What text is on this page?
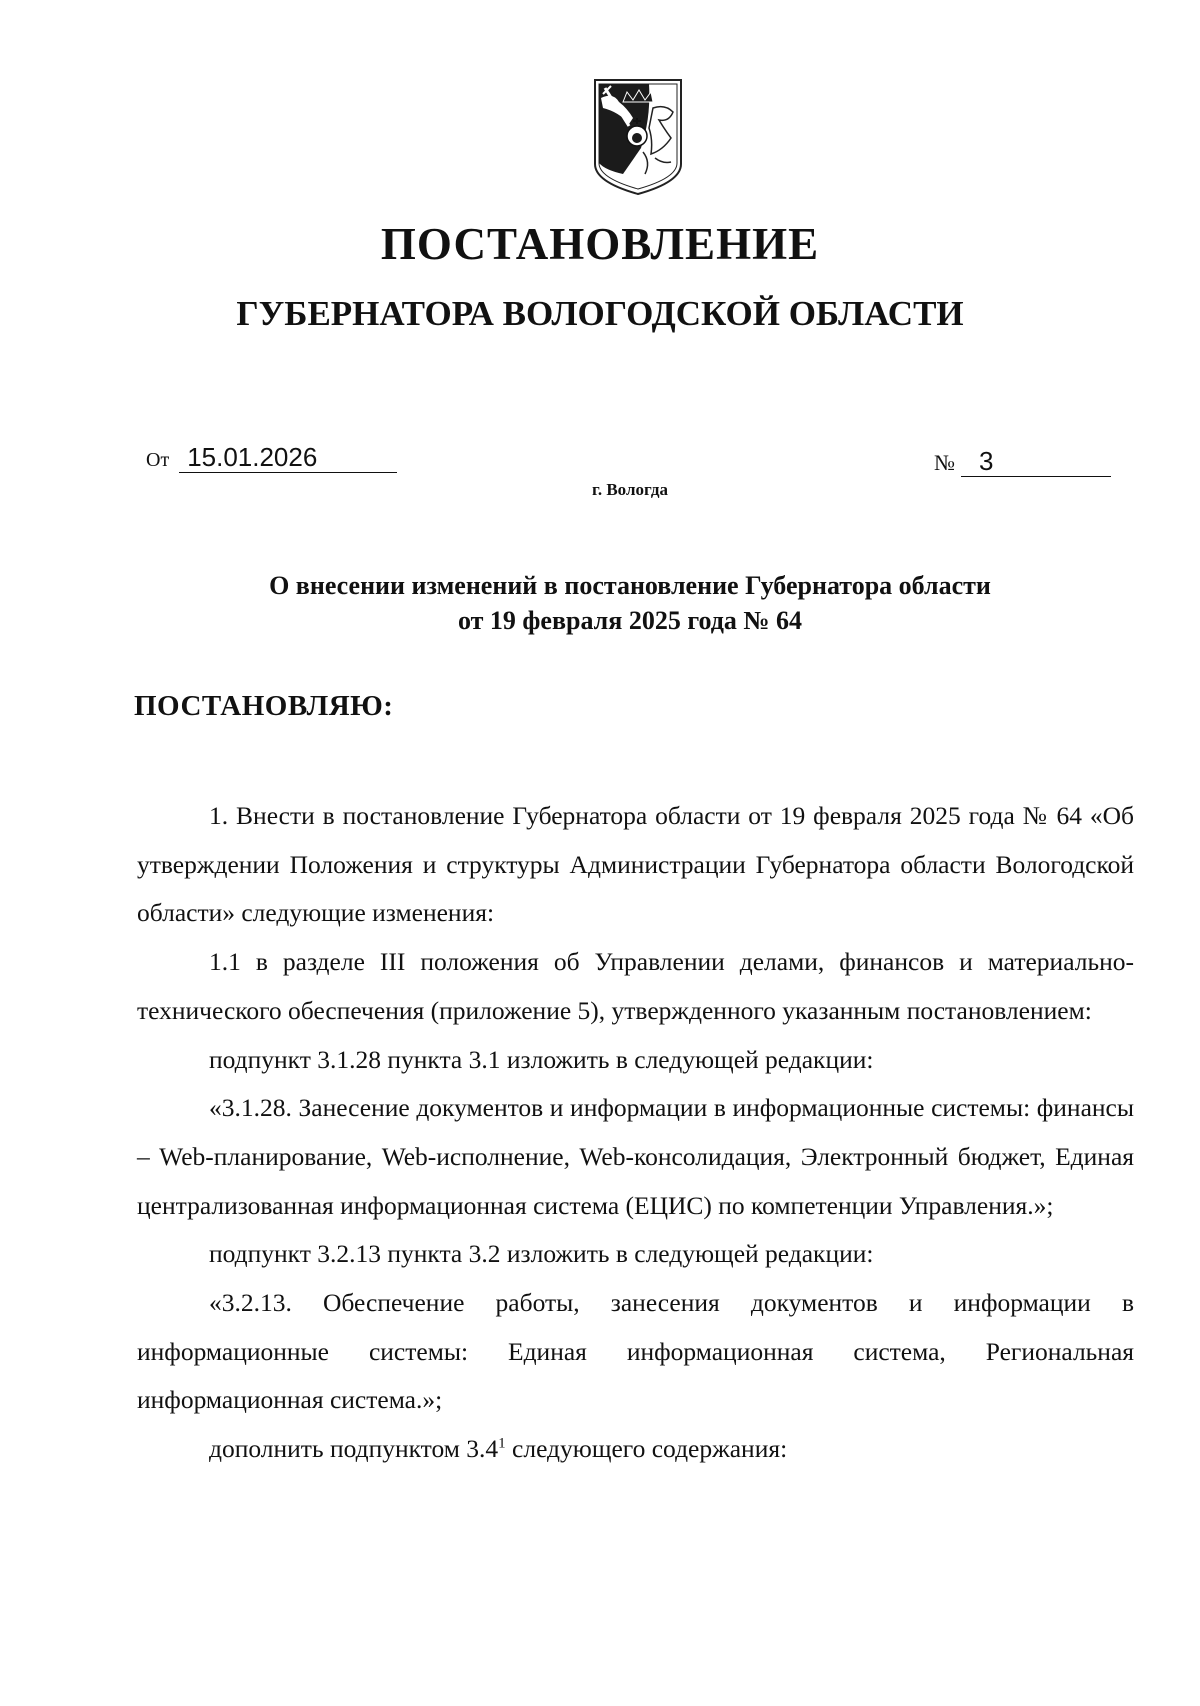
ПОСТАНОВЛЕНИЕ
ГУБЕРНАТОРА ВОЛОГОДСКОЙ ОБЛАСТИ
От 15.01.2026	№ 3
г. Вологда
О внесении изменений в постановление Губернатора области
от 19 февраля 2025 года № 64
ПОСТАНОВЛЯЮ:

1. Внести в постановление Губернатора области от 19 февраля 2025 года № 64 «Об утверждении Положения и структуры Администрации Губернатора области Вологодской области» следующие изменения:

1.1 в разделе III положения об Управлении делами, финансов и материально-технического обеспечения (приложение 5), утвержденного указанным постановлением:

подпункт 3.1.28 пункта 3.1 изложить в следующей редакции:

«3.1.28. Занесение документов и информации в информационные системы: финансы – Web-планирование, Web-исполнение, Web-консолидация, Электронный бюджет, Единая централизованная информационная система (ЕЦИС) по компетенции Управления.»;

подпункт 3.2.13 пункта 3.2 изложить в следующей редакции:

«3.2.13. Обеспечение работы, занесения документов и информации в информационные системы: Единая информационная система, Региональная информационная система.»;

дополнить подпунктом $3.4^1$ следующего содержания:
